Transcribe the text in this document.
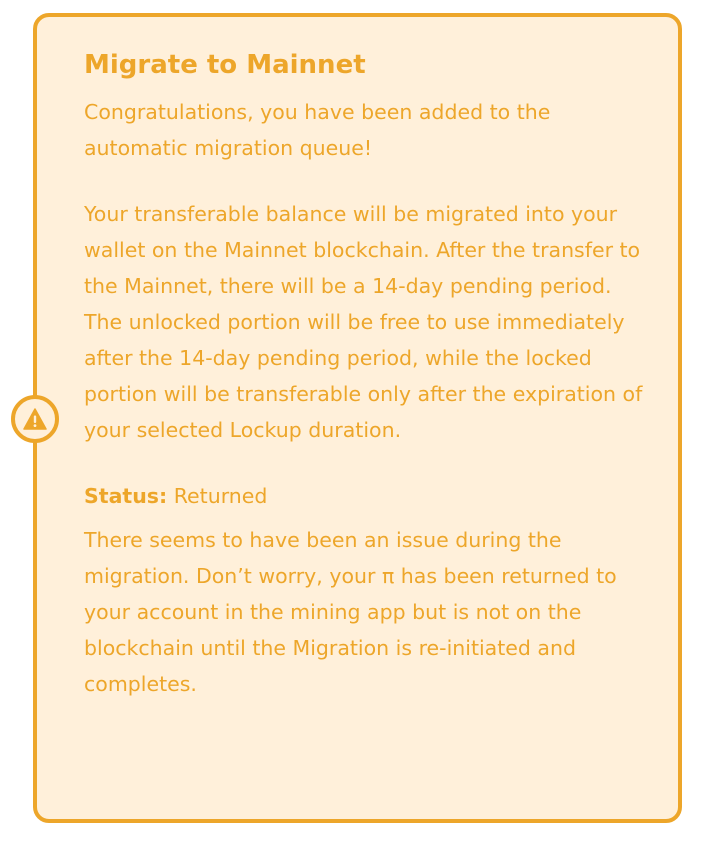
Migrate to Mainnet

Congratulations, you have been added to the automatic migration queue!

Your transferable balance will be migrated into your wallet on the Mainnet blockchain. After the transfer to the Mainnet, there will be a 14-day pending period. The unlocked portion will be free to use immediately after the 14-day pending period, while the locked portion will be transferable only after the expiration of your selected Lockup duration.

Status: Returned

There seems to have been an issue during the migration. Don’t worry, your π has been returned to your account in the mining app but is not on the blockchain until the Migration is re-initiated and completes.
